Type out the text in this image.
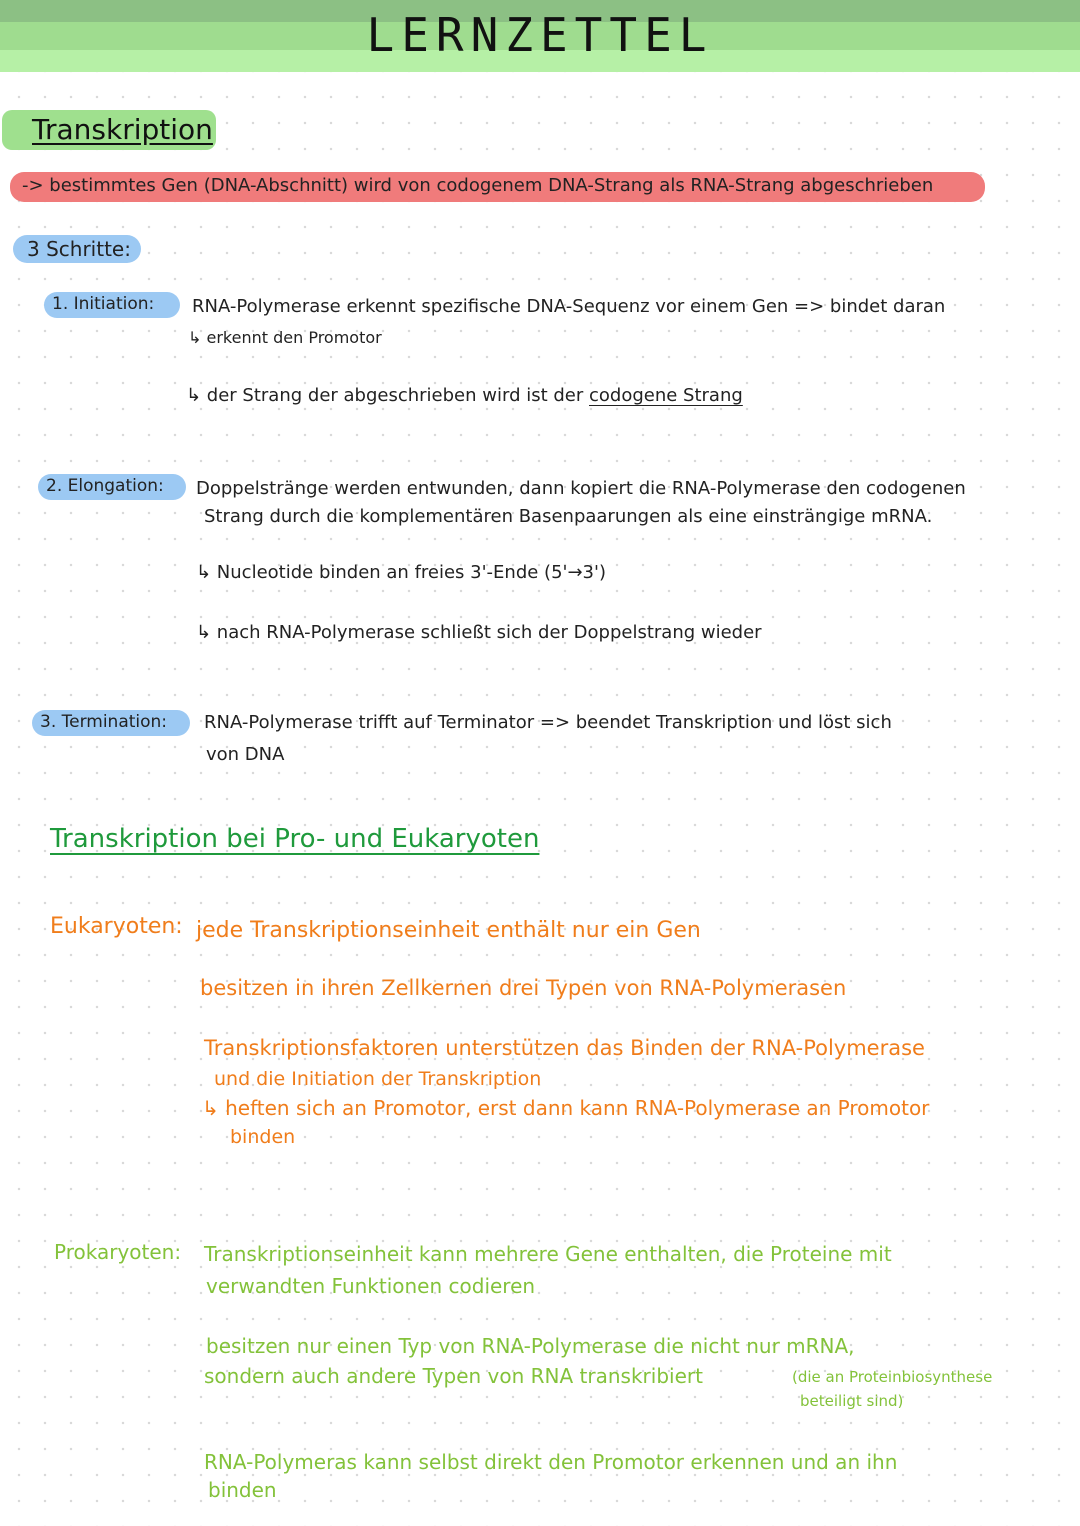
LERNZETTEL
Transkription
-> bestimmtes Gen (DNA-Abschnitt) wird von codogenem DNA-Strang als RNA-Strang abgeschrieben
3 Schritte:
1. Initiation: RNA-Polymerase erkennt spezifische DNA-Sequenz vor einem Gen => bindet daran
↳ erkennt den Promotor
↳ der Strang der abgeschrieben wird ist der codogene Strang
2. Elongation: Doppelstränge werden entwunden, dann kopiert die RNA-Polymerase den codogenen
Strang durch die komplementären Basenpaarungen als eine einsträngige mRNA.
↳ Nucleotide binden an freies 3'-Ende (5'→3')
↳ nach RNA-Polymerase schließt sich der Doppelstrang wieder
3. Termination: RNA-Polymerase trifft auf Terminator => beendet Transkription und löst sich
von DNA
Transkription bei Pro- und Eukaryoten
Eukaryoten: jede Transkriptionseinheit enthält nur ein Gen
besitzen in ihren Zellkernen drei Typen von RNA-Polymerasen
Transkriptionsfaktoren unterstützen das Binden der RNA-Polymerase
und die Initiation der Transkription
↳ heften sich an Promotor, erst dann kann RNA-Polymerase an Promotor
binden
Prokaryoten: Transkriptionseinheit kann mehrere Gene enthalten, die Proteine mit
verwandten Funktionen codieren
besitzen nur einen Typ von RNA-Polymerase die nicht nur mRNA,
sondern auch andere Typen von RNA transkribiert	(die an Proteinbiosynthese
beteiligt sind)
RNA-Polymeras kann selbst direkt den Promotor erkennen und an ihn
binden
